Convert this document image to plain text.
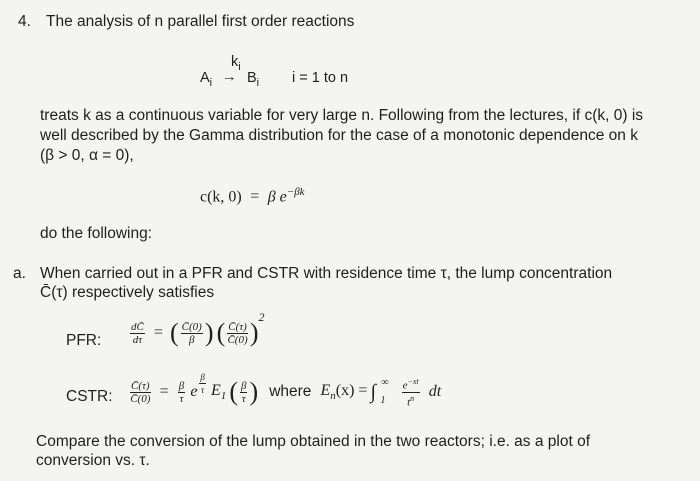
4. The analysis of n parallel first order reactions
$k_i$
$A_i \to B_i$ i = 1 to n
treats k as a continuous variable for very large n. Following from the lectures, if c(k, 0) is
well described by the Gamma distribution for the case of a monotonic dependence on k
(β > 0, α = 0),
c(k, 0) = β $e^{-\beta k}$
do the following:
a. When carried out in a PFR and CSTR with residence time τ, the lump concentration
C̄(τ) respectively satisfies
PFR:	$\frac{dC̄}{d\tau}$ = ( $\frac{C̄(0)}{\beta}$ ) ( $\frac{C̄(\tau)}{C̄(0)} )^2$
CSTR: $\frac{C̄(\tau)}{C̄(0)} = \frac{\beta}{\tau}$ e $\frac{\beta}{\tau} E_1$ ( $\frac{\beta}{\tau}$ ) where $E_n(x)$ = ∫ ∞
1
$\frac{e^{-xt}}{t^n}$ dt
Compare the conversion of the lump obtained in the two reactors; i.e. as a plot of
conversion vs. τ.
